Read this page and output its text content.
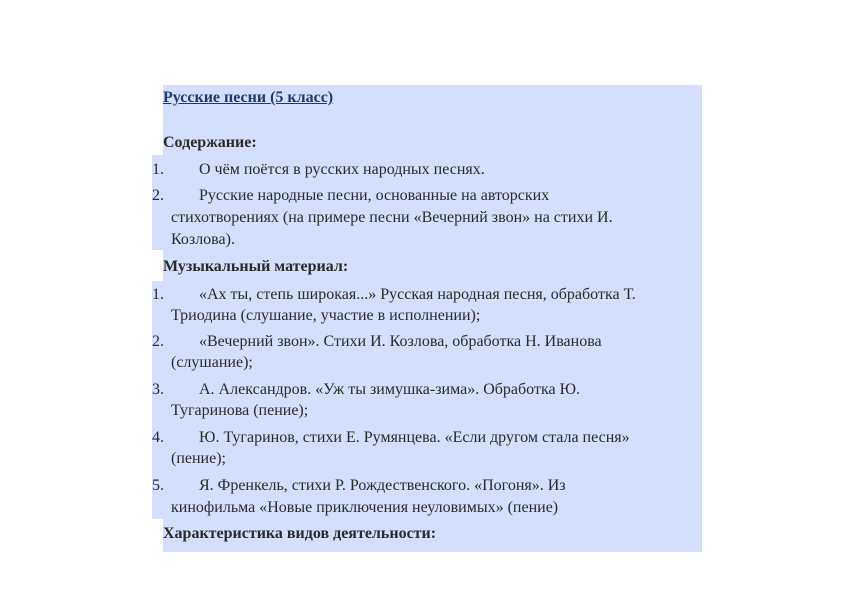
Русские песни (5 класс)
Содержание:
1. О чём поётся в русских народных песнях.
2. Русские народные песни, основанные на авторских
стихотворениях (на примере песни «Вечерний звон» на стихи И.
Козлова).
Музыкальный материал:
1. «Ах ты, степь широкая...» Русская народная песня, обработка Т.
Триодина (слушание, участие в исполнении);
2. «Вечерний звон». Стихи И. Козлова, обработка Н. Иванова
(слушание);
3. А. Александров. «Уж ты зимушка-зима». Обработка Ю.
Тугаринова (пение);
4. Ю. Тугаринов, стихи Е. Румянцева. «Если другом стала песня»
(пение);
5. Я. Френкель, стихи Р. Рождественского. «Погоня». Из
кинофильма «Новые приключения неуловимых» (пение)
Характеристика видов деятельности:
